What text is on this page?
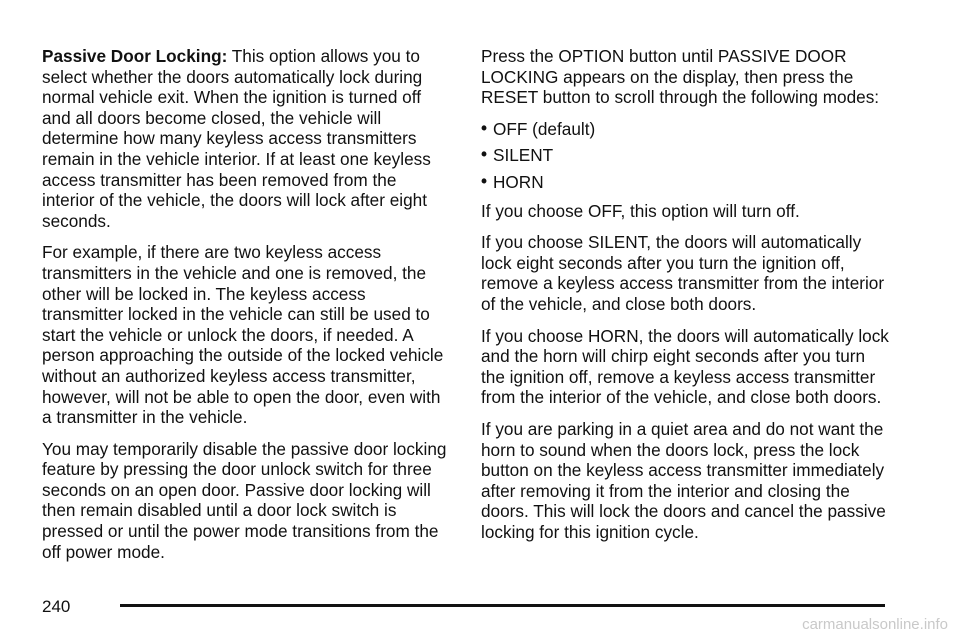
Passive Door Locking: This option allows you to select whether the doors automatically lock during normal vehicle exit. When the ignition is turned off and all doors become closed, the vehicle will determine how many keyless access transmitters remain in the vehicle interior. If at least one keyless access transmitter has been removed from the interior of the vehicle, the doors will lock after eight seconds.

For example, if there are two keyless access transmitters in the vehicle and one is removed, the other will be locked in. The keyless access transmitter locked in the vehicle can still be used to start the vehicle or unlock the doors, if needed. A person approaching the outside of the locked vehicle without an authorized keyless access transmitter, however, will not be able to open the door, even with a transmitter in the vehicle.

You may temporarily disable the passive door locking feature by pressing the door unlock switch for three seconds on an open door. Passive door locking will then remain disabled until a door lock switch is pressed or until the power mode transitions from the off power mode.

Press the OPTION button until PASSIVE DOOR LOCKING appears on the display, then press the RESET button to scroll through the following modes:

• OFF (default)
• SILENT
• HORN

If you choose OFF, this option will turn off.

If you choose SILENT, the doors will automatically lock eight seconds after you turn the ignition off, remove a keyless access transmitter from the interior of the vehicle, and close both doors.

If you choose HORN, the doors will automatically lock and the horn will chirp eight seconds after you turn the ignition off, remove a keyless access transmitter from the interior of the vehicle, and close both doors.

If you are parking in a quiet area and do not want the horn to sound when the doors lock, press the lock button on the keyless access transmitter immediately after removing it from the interior and closing the doors. This will lock the doors and cancel the passive locking for this ignition cycle.

240
carmanualsonline.info
